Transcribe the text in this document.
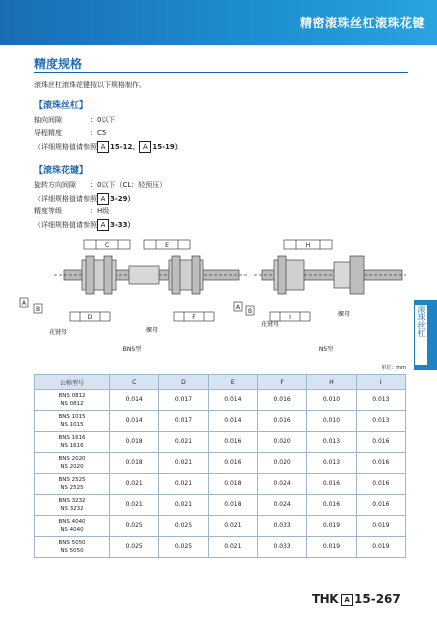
精密滚珠丝杠滚珠花键
精度规格
滚珠丝杠滚珠花键按以下规格制作。
【滚珠丝杠】
轴向间隙	：0以下
导程精度	：C5
（详细规格值请参照 A 15-12、 A 15-19）
【滚珠花键】
旋转方向间隙 ：0以下（CL：轻预压）
（详细规格值请参照 A 3-29）
精度等级	：H级
（详细规格值请参照 A 3-33）
滚珠丝杠
C	E
D	F
H
I
A
B	A
B
花键母	螺母
花键母
螺母
BNS型	NS型
单位：mm
公称型号	C	D	E	F	H	I

BNS 0812
NS 0812	0.014	0.017	0.014	0.016	0.010	0.013

BNS 1015
NS 1015	0.014	0.017	0.014	0.016	0.010	0.013

BNS 1616
NS 1616	0.018	0.021	0.016	0.020	0.013	0.016

BNS 2020
NS 2020	0.018	0.021	0.016	0.020	0.013	0.016

BNS 2525
NS 2525	0.021	0.021	0.018	0.024	0.016	0.016

BNS 3232
NS 3232	0.021	0.021	0.018	0.024	0.016	0.016

BNS 4040
NS 4040	0.025	0.025	0.021	0.033	0.019	0.019

BNS 5050
NS 5050	0.025	0.025	0.021	0.033	0.019	0.019
THK A 15-267
